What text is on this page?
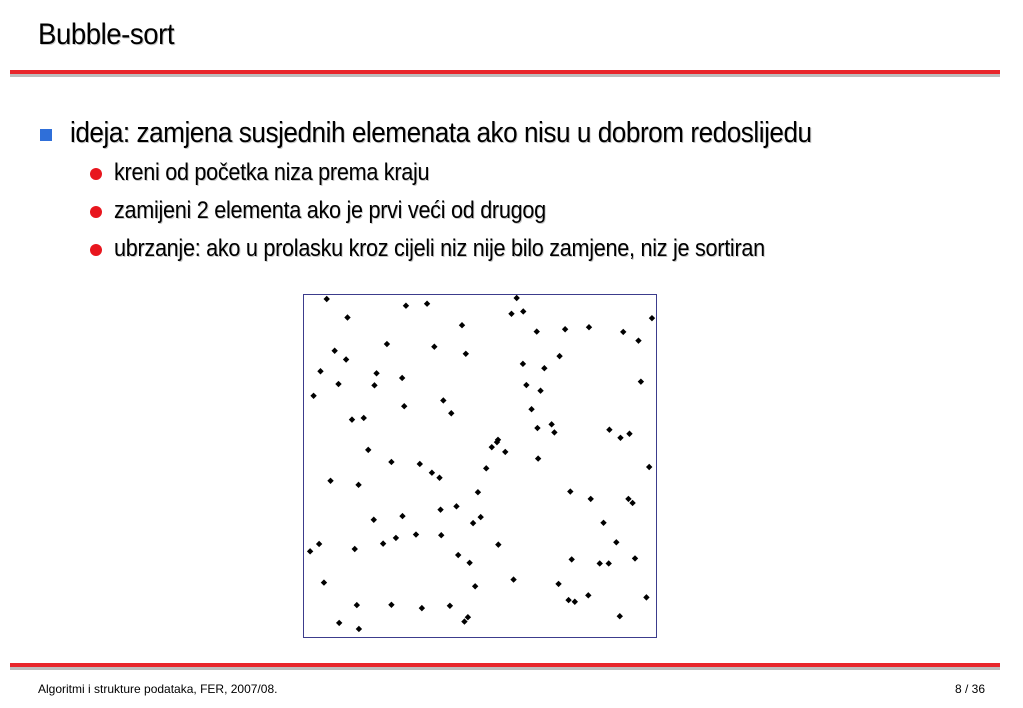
Bubble-sort
ideja: zamjena susjednih elemenata ako nisu u dobrom redoslijedu
kreni od početka niza prema kraju
zamijeni 2 elementa ako je prvi veći od drugog
ubrzanje: ako u prolasku kroz cijeli niz nije bilo zamjene, niz je sortiran
Algoritmi i strukture podataka, FER, 2007/08.	8 / 36
